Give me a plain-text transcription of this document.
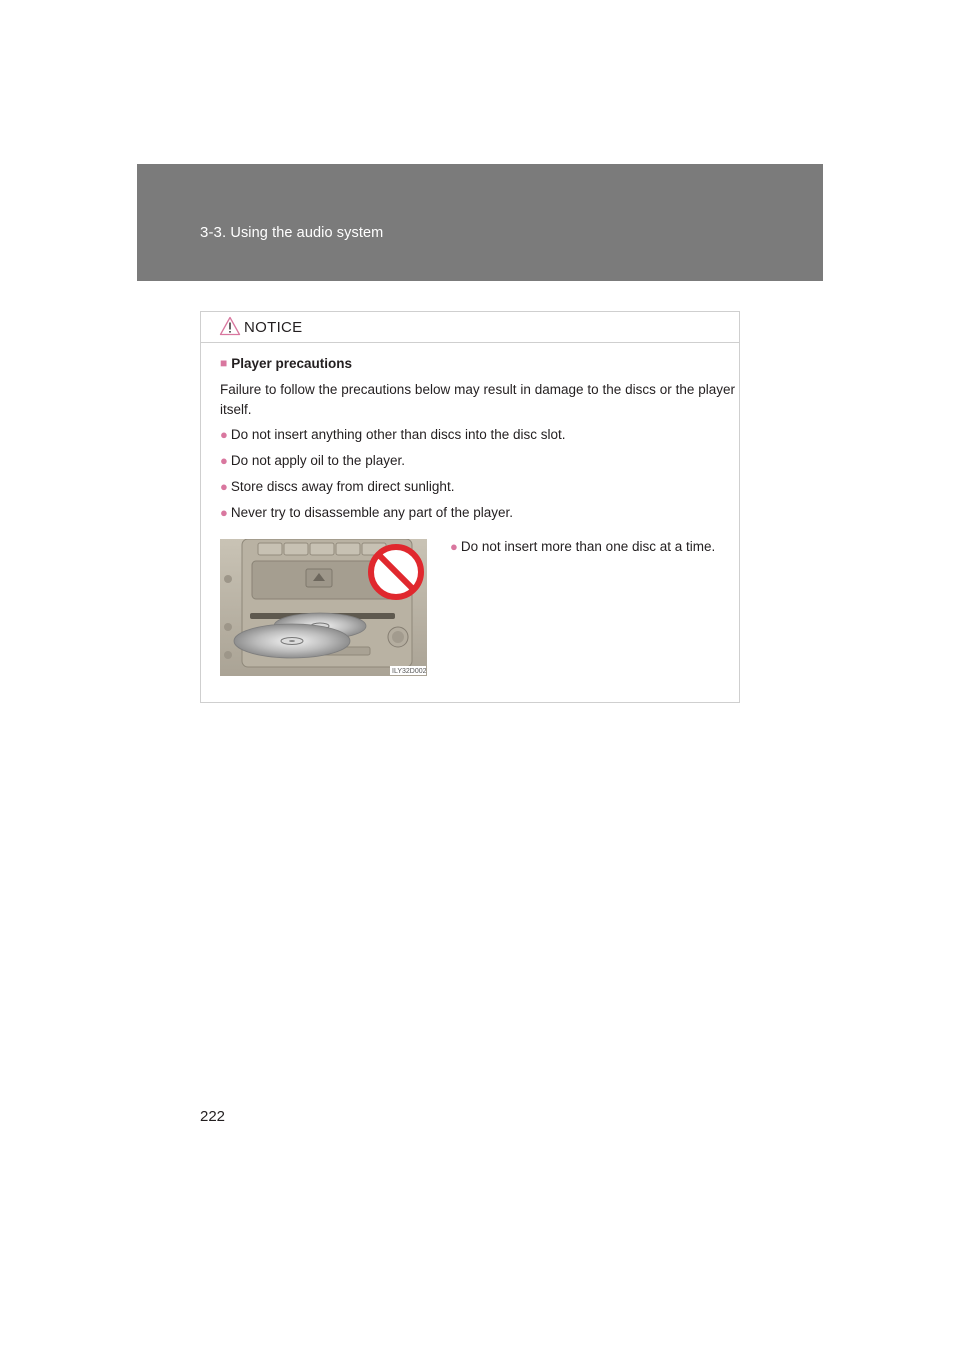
3-3. Using the audio system
NOTICE
■ Player precautions
Failure to follow the precautions below may result in damage to the discs or the player itself.
● Do not insert anything other than discs into the disc slot.
● Do not apply oil to the player.
● Store discs away from direct sunlight.
● Never try to disassemble any part of the player.
ILY32D002
● Do not insert more than one disc at a time.
222
